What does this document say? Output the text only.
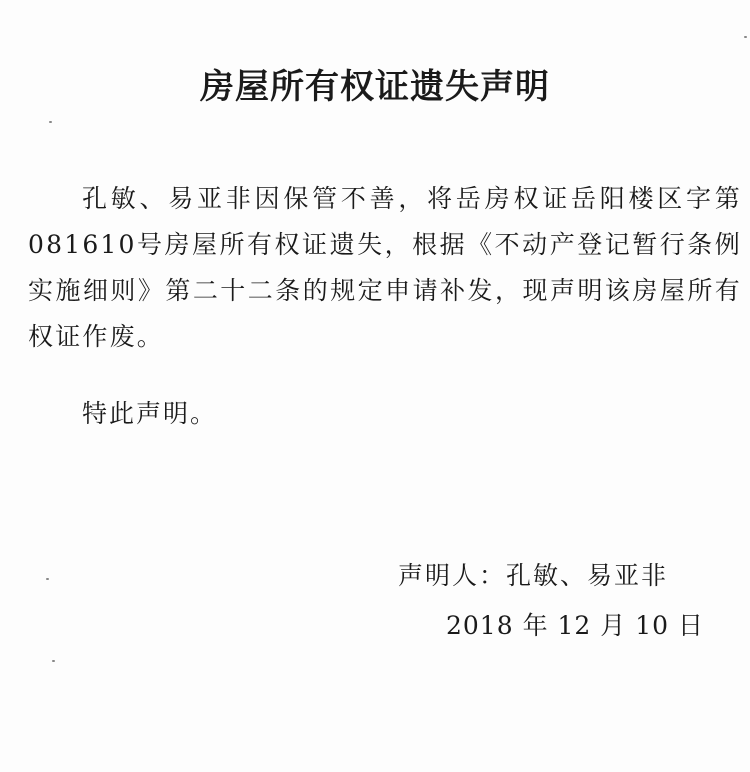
房屋所有权证遗失声明

孔敏、易亚非因保管不善，将岳房权证岳阳楼区字第081610号房屋所有权证遗失，根据《不动产登记暂行条例实施细则》第二十二条的规定申请补发，现声明该房屋所有权证作废。

特此声明。

声明人：孔敏、易亚非

2018 年 12 月 10 日
